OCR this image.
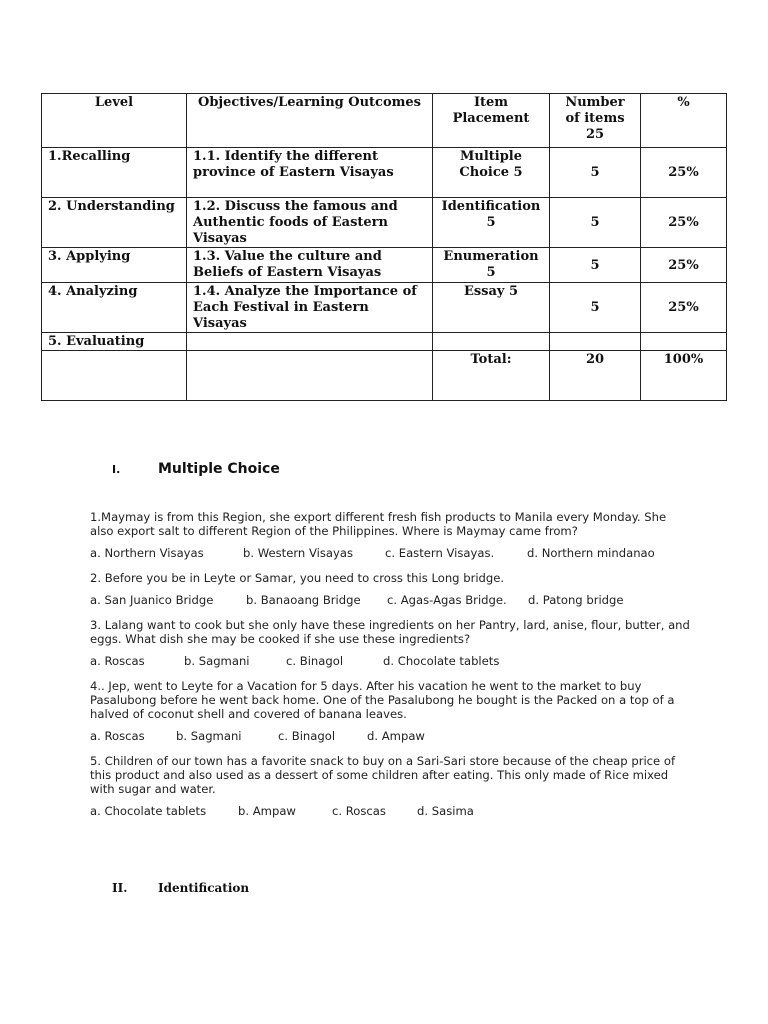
Level	Objectives/Learning Outcomes	Item Placement	Number of items 25	%
1.Recalling	1.1. Identify the different province of Eastern Visayas	Multiple Choice 5	5	25%
2. Understanding	1.2. Discuss the famous and Authentic foods of Eastern Visayas	Identification 5	5	25%
3. Applying	1.3. Value the culture and Beliefs of Eastern Visayas	Enumeration 5	5	25%
4. Analyzing	1.4. Analyze the Importance of Each Festival in Eastern Visayas	Essay 5	5	25%
5. Evaluating				
		Total:	20	100%
I.	Multiple Choice

1.Maymay is from this Region, she export different fresh fish products to Manila every Monday. She also export salt to different Region of the Philippines. Where is Maymay came from?

a. Northern Visayas	b. Western Visayas	c. Eastern Visayas.	d. Northern mindanao

2. Before you be in Leyte or Samar, you need to cross this Long bridge.

a. San Juanico Bridge	b. Banaoang Bridge c. Agas-Agas Bridge. d. Patong bridge

3. Lalang want to cook but she only have these ingredients on her Pantry, lard, anise, flour, butter, and eggs. What dish she may be cooked if she use these ingredients?

a. Roscas	b. Sagmani	c. Binagol	d. Chocolate tablets

4.. Jep, went to Leyte for a Vacation for 5 days. After his vacation he went to the market to buy Pasalubong before he went back home. One of the Pasalubong he bought is the Packed on a top of a halved of coconut shell and covered of banana leaves.

a. Roscas	b. Sagmani	c. Binagol	d. Ampaw

5. Children of our town has a favorite snack to buy on a Sari-Sari store because of the cheap price of this product and also used as a dessert of some children after eating. This only made of Rice mixed with sugar and water.

a. Chocolate tablets	b. Ampaw	c. Roscas	d. Sasima

II.	Identification
